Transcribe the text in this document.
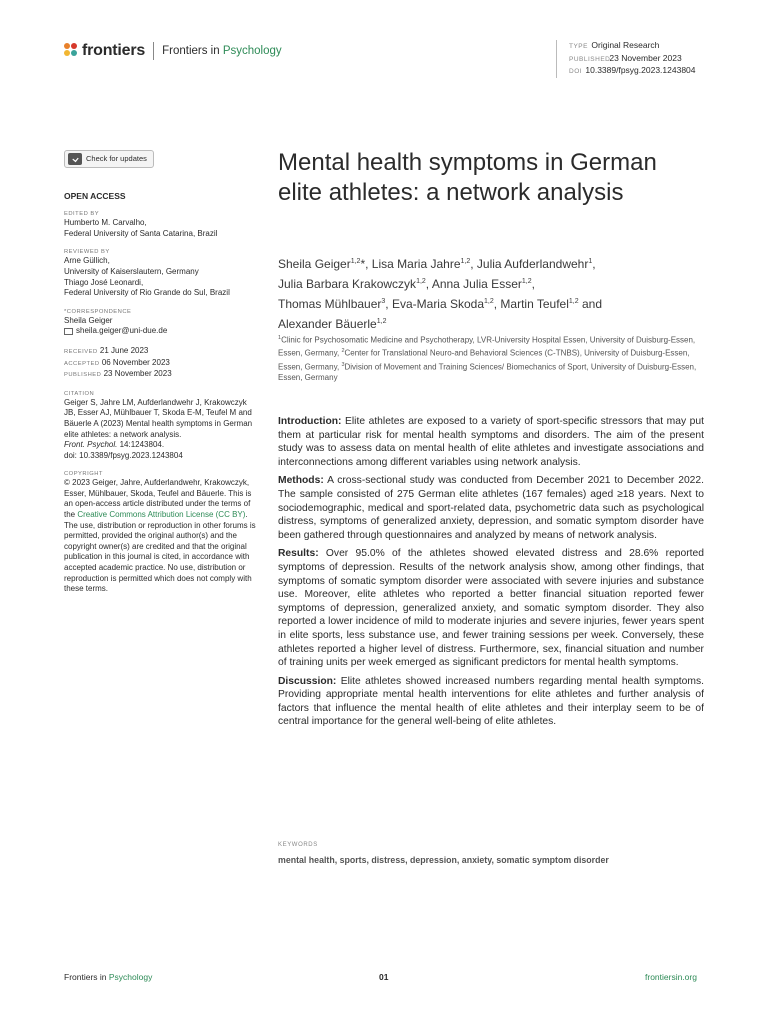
frontiers Frontiers in Psychology	TYPE Original Research
PUBLISHED 23 November 2023
DOI 10.3389/fpsyg.2023.1243804
Check for updates
OPEN ACCESS
EDITED BY
Humberto M. Carvalho,
Federal University of Santa Catarina, Brazil
REVIEWED BY
Arne Güllich,
University of Kaiserslautern, Germany
Thiago José Leonardi,
Federal University of Rio Grande do Sul, Brazil
*CORRESPONDENCE
Sheila Geiger
sheila.geiger@uni-due.de
RECEIVED 21 June 2023
ACCEPTED 06 November 2023
PUBLISHED 23 November 2023
CITATION
Geiger S, Jahre LM, Aufderlandwehr J, Krakowczyk JB, Esser AJ, Mühlbauer T, Skoda E-M, Teufel M and Bäuerle A (2023) Mental health symptoms in German elite athletes: a network analysis.
Front. Psychol. 14:1243804.
doi: 10.3389/fpsyg.2023.1243804
COPYRIGHT
© 2023 Geiger, Jahre, Aufderlandwehr, Krakowczyk, Esser, Mühlbauer, Skoda, Teufel and Bäuerle. This is an open-access article distributed under the terms of the Creative Commons Attribution License (CC BY). The use, distribution or reproduction in other forums is permitted, provided the original author(s) and the copyright owner(s) are credited and that the original publication in this journal is cited, in accordance with accepted academic practice. No use, distribution or reproduction is permitted which does not comply with these terms.
Mental health symptoms in German elite athletes: a network analysis
Sheila Geiger$^{1,2}$*, Lisa Maria Jahre$^{1,2}$, Julia Aufderlandwehr$^1$,
Julia Barbara Krakowczyk$^{1,2}$, Anna Julia Esser$^{1,2}$,
Thomas Mühlbauer$^3$, Eva-Maria Skoda$^{1,2}$, Martin Teufel$^{1,2}$ and
Alexander Bäuerle$^{1,2}$
$^1$Clinic for Psychosomatic Medicine and Psychotherapy, LVR-University Hospital Essen, University of Duisburg-Essen, Essen, Germany, $^2$Center for Translational Neuro-and Behavioral Sciences (C-TNBS), University of Duisburg-Essen, Essen, Germany, $^3$Division of Movement and Training Sciences/ Biomechanics of Sport, University of Duisburg-Essen, Essen, Germany

Introduction: Elite athletes are exposed to a variety of sport-specific stressors that may put them at particular risk for mental health symptoms and disorders. The aim of the present study was to assess data on mental health of elite athletes and investigate associations and interconnections among different variables using network analysis.

Methods: A cross-sectional study was conducted from December 2021 to December 2022. The sample consisted of 275 German elite athletes (167 females) aged ≥18 years. Next to sociodemographic, medical and sport-related data, psychometric data such as psychological distress, symptoms of generalized anxiety, depression, and somatic symptom disorder have been gathered through questionnaires and analyzed by means of network analysis.

Results: Over 95.0% of the athletes showed elevated distress and 28.6% reported symptoms of depression. Results of the network analysis show, among other findings, that symptoms of somatic symptom disorder were associated with severe injuries and substance use. Moreover, elite athletes who reported a better financial situation reported fewer symptoms of depression, generalized anxiety, and somatic symptom disorder. They also reported a lower incidence of mild to moderate injuries and severe injuries, fewer years spent in elite sports, less substance use, and fewer training sessions per week. Conversely, these athletes reported a higher level of distress. Furthermore, sex, financial situation and number of training units per week emerged as significant predictors for mental health symptoms.

Discussion: Elite athletes showed increased numbers regarding mental health symptoms. Providing appropriate mental health interventions for elite athletes and further analysis of factors that influence the mental health of elite athletes and their interplay seem to be of central importance for the general well-being of elite athletes.

KEYWORDS
mental health, sports, distress, depression, anxiety, somatic symptom disorder
Frontiers in Psychology	01	frontiersin.org
